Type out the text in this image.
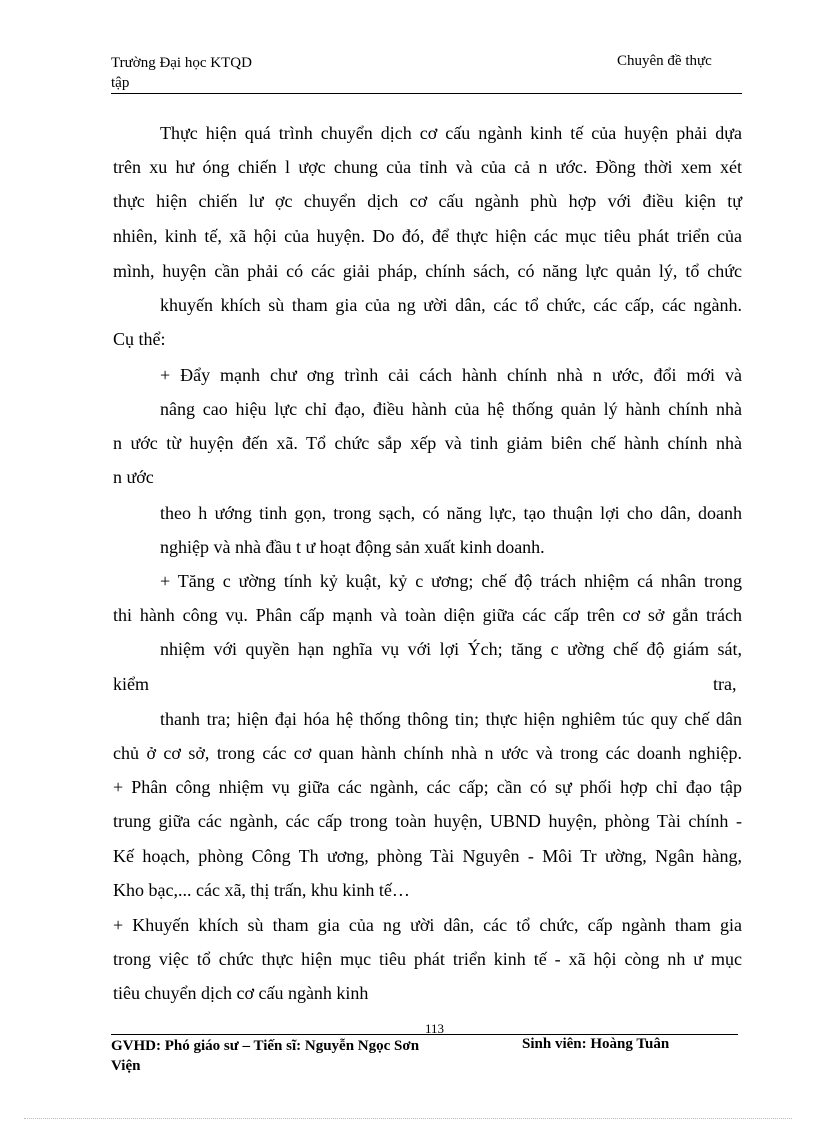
Trường Đại học KTQD
tập
Chuyên đề thực
Thực hiện quá trình chuyển dịch cơ cấu ngành kinh tế của huyện phải dựa
trên xu hư óng chiến l ược chung của tỉnh và của cả n ước. Đồng thời xem xét
thực hiện chiến lư ợc chuyển dịch cơ cấu ngành phù hợp với điều kiện tự
nhiên, kinh tế, xã hội của huyện. Do đó, để thực hiện các mục tiêu phát triển của
mình, huyện cần phải có các giải pháp, chính sách, có năng lực quản lý, tổ chức
khuyến khích sù tham gia của ng ười dân, các tổ chức, các cấp, các ngành.
Cụ thể:
+ Đẩy mạnh chư ơng trình cải cách hành chính nhà n ước, đổi mới và
nâng cao hiệu lực chỉ đạo, điều hành của hệ thống quản lý hành chính nhà
n ước từ huyện đến xã. Tổ chức sắp xếp và tinh giảm biên chế hành chính nhà
n ước
theo h ướng tinh gọn, trong sạch, có năng lực, tạo thuận lợi cho dân, doanh
nghiệp và nhà đầu t ư hoạt động sản xuất kinh doanh.
+ Tăng c ường tính kỷ kuật, kỷ c ương; chế độ trách nhiệm cá nhân trong
thi hành công vụ. Phân cấp mạnh và toàn diện giữa các cấp trên cơ sở gắn trách
nhiệm với quyền hạn nghĩa vụ với lợi Ých; tăng c ường chế độ giám sát,
kiểm	tra,
thanh tra; hiện đại hóa hệ thống thông tin; thực hiện nghiêm túc quy chế dân
chủ ở cơ sở, trong các cơ quan hành chính nhà n ước và trong các doanh nghiệp.
+ Phân công nhiệm vụ giữa các ngành, các cấp; cần có sự phối hợp chỉ đạo tập
trung giữa các ngành, các cấp trong toàn huyện, UBND huyện, phòng Tài chính -
Kế hoạch, phòng Công Th ương, phòng Tài Nguyên - Môi Tr ường, Ngân hàng,
Kho bạc,... các xã, thị trấn, khu kinh tế…
+ Khuyến khích sù tham gia của ng ười dân, các tổ chức, cấp ngành tham gia
trong việc tổ chức thực hiện mục tiêu phát triển kinh tế - xã hội còng nh ư mục
tiêu chuyển dịch cơ cấu ngành kinh
113
GVHD: Phó giáo sư – Tiến sĩ: Nguyễn Ngọc Sơn
Viện
Sinh viên: Hoàng Tuân
